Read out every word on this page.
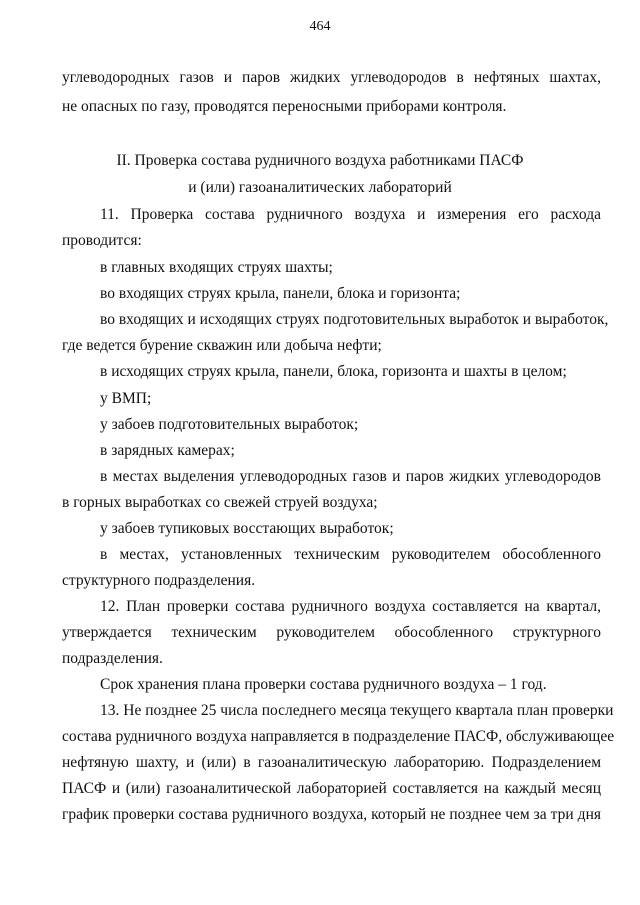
464
углеводородных газов и паров жидких углеводородов в нефтяных шахтах,
не опасных по газу, проводятся переносными приборами контроля.
II. Проверка состава рудничного воздуха работниками ПАСФ
и (или) газоаналитических лабораторий
11. Проверка состава рудничного воздуха и измерения его расхода
проводится:
в главных входящих струях шахты;
во входящих струях крыла, панели, блока и горизонта;
во входящих и исходящих струях подготовительных выработок и выработок,
где ведется бурение скважин или добыча нефти;
в исходящих струях крыла, панели, блока, горизонта и шахты в целом;
у ВМП;
у забоев подготовительных выработок;
в зарядных камерах;
в местах выделения углеводородных газов и паров жидких углеводородов
в горных выработках со свежей струей воздуха;
у забоев тупиковых восстающих выработок;
в местах, установленных техническим руководителем обособленного
структурного подразделения.
12. План проверки состава рудничного воздуха составляется на квартал,
утверждается техническим руководителем обособленного структурного
подразделения.
Срок хранения плана проверки состава рудничного воздуха – 1 год.
13. Не позднее 25 числа последнего месяца текущего квартала план проверки
состава рудничного воздуха направляется в подразделение ПАСФ, обслуживающее
нефтяную шахту, и (или) в газоаналитическую лабораторию. Подразделением
ПАСФ и (или) газоаналитической лабораторией составляется на каждый месяц
график проверки состава рудничного воздуха, который не позднее чем за три дня
